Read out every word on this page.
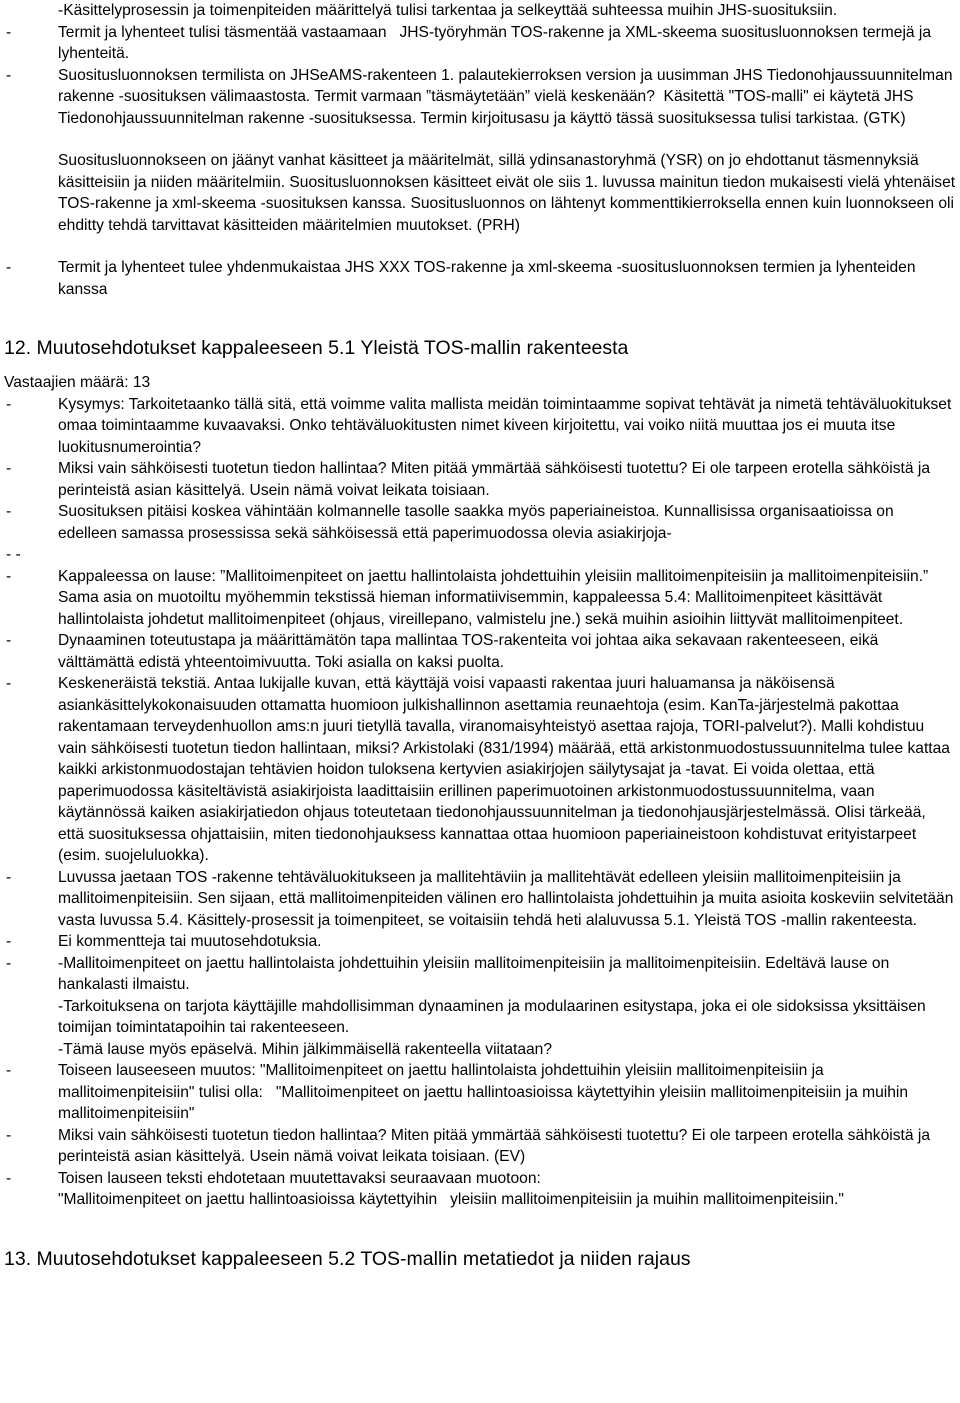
-Käsittelyprosessin ja toimenpiteiden määrittelyä tulisi tarkentaa ja selkeyttää suhteessa muihin JHS-suosituksiin.
-	Termit ja lyhenteet tulisi täsmentää vastaamaan   JHS-työryhmän TOS-rakenne ja XML-skeema suositusluonnoksen termejä ja lyhenteitä.
-	Suositusluonnoksen termilista on JHSeAMS-rakenteen 1. palautekierroksen version ja uusimman JHS Tiedonohjaussuunnitelman rakenne -suosituksen välimaastosta. Termit varmaan ”täsmäytetään” vielä keskenään?  Käsitettä "TOS-malli" ei käytetä JHS Tiedonohjaussuunnitelman rakenne -suosituksessa. Termin kirjoitusasu ja käyttö tässä suosituksessa tulisi tarkistaa. (GTK)
Suositusluonnokseen on jäänyt vanhat käsitteet ja määritelmät, sillä ydinsanastoryhmä (YSR) on jo ehdottanut täsmennyksiä käsitteisiin ja niiden määritelmiin. Suositusluonnoksen käsitteet eivät ole siis 1. luvussa mainitun tiedon mukaisesti vielä yhtenäiset TOS-rakenne ja xml-skeema -suosituksen kanssa. Suositusluonnos on lähtenyt kommenttikierroksella ennen kuin luonnokseen oli ehditty tehdä tarvittavat käsitteiden määritelmien muutokset. (PRH)
-	Termit ja lyhenteet tulee yhdenmukaistaa JHS XXX TOS-rakenne ja xml-skeema -suositusluonnoksen termien ja lyhenteiden kanssa
12. Muutosehdotukset kappaleeseen 5.1 Yleistä TOS-mallin rakenteesta
Vastaajien määrä: 13
-	Kysymys: Tarkoitetaanko tällä sitä, että voimme valita mallista meidän toimintaamme sopivat tehtävät ja nimetä tehtäväluokitukset omaa toimintaamme kuvaavaksi. Onko tehtäväluokitusten nimet kiveen kirjoitettu, vai voiko niitä muuttaa jos ei muuta itse luokitusnumerointia?
-	Miksi vain sähköisesti tuotetun tiedon hallintaa? Miten pitää ymmärtää sähköisesti tuotettu? Ei ole tarpeen erotella sähköistä ja perinteistä asian käsittelyä. Usein nämä voivat leikata toisiaan.
-	Suosituksen pitäisi koskea vähintään kolmannelle tasolle saakka myös paperiaineistoa. Kunnallisissa organisaatioissa on edelleen samassa prosessissa sekä sähköisessä että paperimuodossa olevia asiakirjoja-
- -
-	Kappaleessa on lause: ”Mallitoimenpiteet on jaettu hallintolaista johdettuihin yleisiin mallitoimenpiteisiin ja mallitoimenpiteisiin.” Sama asia on muotoiltu myöhemmin tekstissä hieman informatiivisemmin, kappaleessa 5.4: Mallitoimenpiteet käsittävät hallintolaista johdetut mallitoimenpiteet (ohjaus, vireillepano, valmistelu jne.) sekä muihin asioihin liittyvät mallitoimenpiteet.
-	Dynaaminen toteutustapa ja määrittämätön tapa mallintaa TOS-rakenteita voi johtaa aika sekavaan rakenteeseen, eikä välttämättä edistä yhteentoimivuutta. Toki asialla on kaksi puolta.
-	Keskeneräistä tekstiä. Antaa lukijalle kuvan, että käyttäjä voisi vapaasti rakentaa juuri haluamansa ja näköisensä asiankäsittelykokonaisuuden ottamatta huomioon julkishallinnon asettamia reunaehtoja (esim. KanTa-järjestelmä pakottaa rakentamaan terveydenhuollon ams:n juuri tietyllä tavalla, viranomaisyhteistyö asettaa rajoja, TORI-palvelut?). Malli kohdistuu vain sähköisesti tuotetun tiedon hallintaan, miksi? Arkistolaki (831/1994) määrää, että arkistonmuodostussuunnitelma tulee kattaa kaikki arkistonmuodostajan tehtävien hoidon tuloksena kertyvien asiakirjojen säilytysajat ja -tavat. Ei voida olettaa, että paperimuodossa käsiteltävistä asiakirjoista laadittaisiin erillinen paperimuotoinen arkistonmuodostussuunnitelma, vaan käytännössä kaiken asiakirjatiedon ohjaus toteutetaan tiedonohjaussuunnitelman ja tiedonohjausjärjestelmässä. Olisi tärkeää, että suosituksessa ohjattaisiin, miten tiedonohjauksess kannattaa ottaa huomioon paperiaineistoon kohdistuvat erityistarpeet (esim. suojeluluokka).
-	Luvussa jaetaan TOS -rakenne tehtäväluokitukseen ja mallitehtäviin ja mallitehtävät edelleen yleisiin mallitoimenpiteisiin ja mallitoimenpiteisiin. Sen sijaan, että mallitoimenpiteiden välinen ero hallintolaista johdettuihin ja muita asioita koskeviin selvitetään vasta luvussa 5.4. Käsittely-prosessit ja toimenpiteet, se voitaisiin tehdä heti alaluvussa 5.1. Yleistä TOS -mallin rakenteesta.
-	Ei kommentteja tai muutosehdotuksia.
-	-Mallitoimenpiteet on jaettu hallintolaista johdettuihin yleisiin mallitoimenpiteisiin ja mallitoimenpiteisiin. Edeltävä lause on hankalasti ilmaistu.
-Tarkoituksena on tarjota käyttäjille mahdollisimman dynaaminen ja modulaarinen esitystapa, joka ei ole sidoksissa yksittäisen toimijan toimintatapoihin tai rakenteeseen.
-Tämä lause myös epäselvä. Mihin jälkimmäisellä rakenteella viitataan?
-	Toiseen lauseeseen muutos: "Mallitoimenpiteet on jaettu hallintolaista johdettuihin yleisiin mallitoimenpiteisiin ja mallitoimenpiteisiin" tulisi olla:   "Mallitoimenpiteet on jaettu hallintoasioissa käytettyihin yleisiin mallitoimenpiteisiin ja muihin mallitoimenpiteisiin"
-	Miksi vain sähköisesti tuotetun tiedon hallintaa? Miten pitää ymmärtää sähköisesti tuotettu? Ei ole tarpeen erotella sähköistä ja perinteistä asian käsittelyä. Usein nämä voivat leikata toisiaan. (EV)
-	Toisen lauseen teksti ehdotetaan muutettavaksi seuraavaan muotoon:
"Mallitoimenpiteet on jaettu hallintoasioissa käytettyihin   yleisiin mallitoimenpiteisiin ja muihin mallitoimenpiteisiin."
13. Muutosehdotukset kappaleeseen 5.2 TOS-mallin metatiedot ja niiden rajaus
